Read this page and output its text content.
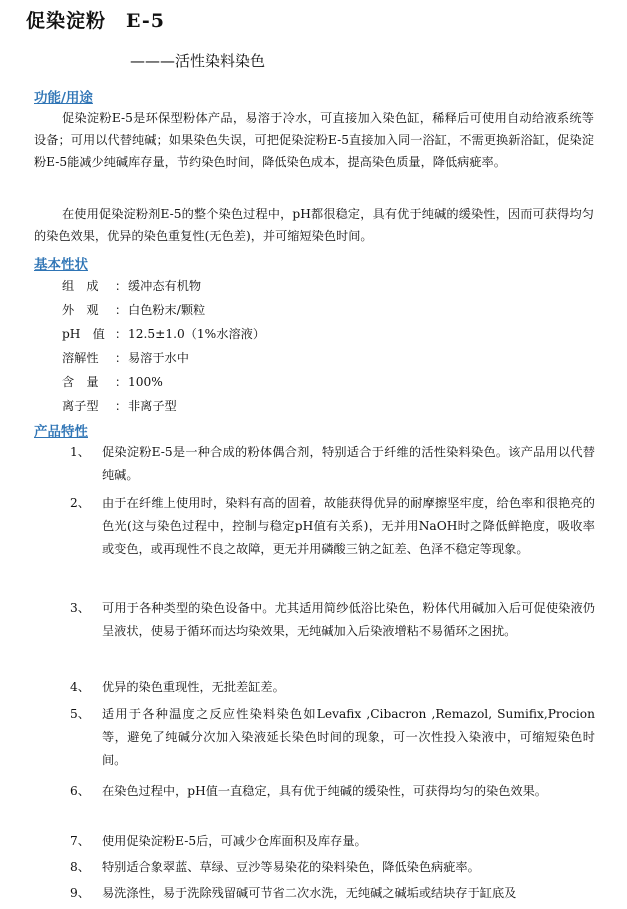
促染淀粉　E-5
———活性染料染色
功能/用途
促染淀粉E-5是环保型粉体产品，易溶于冷水，可直接加入染色缸，稀释后可使用自动给液系统等设备；可用以代替纯碱；如果染色失误，可把促染淀粉E-5直接加入同一浴缸，不需更换新浴缸，促染淀粉E-5能减少纯碱库存量，节约染色时间，降低染色成本，提高染色质量，降低病疵率。
在使用促染淀粉剂E-5的整个染色过程中，pH都很稳定，具有优于纯碱的缓染性，因而可获得均匀的染色效果，优异的染色重复性(无色差)，并可缩短染色时间。
基本性状
组　成 ：缓冲态有机物
外　观 ：白色粉末/颗粒
pH　值 ：12.5±1.0（1%水溶液）
溶解性 ：易溶于水中
含　量 ：100%
离子型 ：非离子型
产品特性
1、 促染淀粉E-5是一种合成的粉体偶合剂，特别适合于纤维的活性染料染色。该产品用以代替纯碱。
2、 由于在纤维上使用时，染料有高的固着，故能获得优异的耐摩擦坚牢度，给色率和很艳亮的色光(这与染色过程中，控制与稳定pH值有关系)，无并用NaOH时之降低鲜艳度，吸收率或变色，或再现性不良之故障，更无并用磷酸三钠之缸差、色泽不稳定等现象。
3、 可用于各种类型的染色设备中。尤其适用简纱低浴比染色，粉体代用碱加入后可促使染液仍呈液状，使易于循环而达均染效果，无纯碱加入后染液增粘不易循环之困扰。
4、 优异的染色重现性，无批差缸差。
5、 适用于各种温度之反应性染料染色如Levafix ,Cibacron ,Remazol, Sumifix,Procion等，避免了纯碱分次加入染液延长染色时间的现象，可一次性投入染液中，可缩短染色时间。
6、 在染色过程中，pH值一直稳定，具有优于纯碱的缓染性，可获得均匀的染色效果。
7、 使用促染淀粉E-5后，可减少仓库面积及库存量。
8、 特别适合象翠蓝、草绿、豆沙等易染花的染料染色，降低染色病疵率。
9、 易洗涤性，易于洗除残留碱可节省二次水洗，无纯碱之碱垢或结块存于缸底及
